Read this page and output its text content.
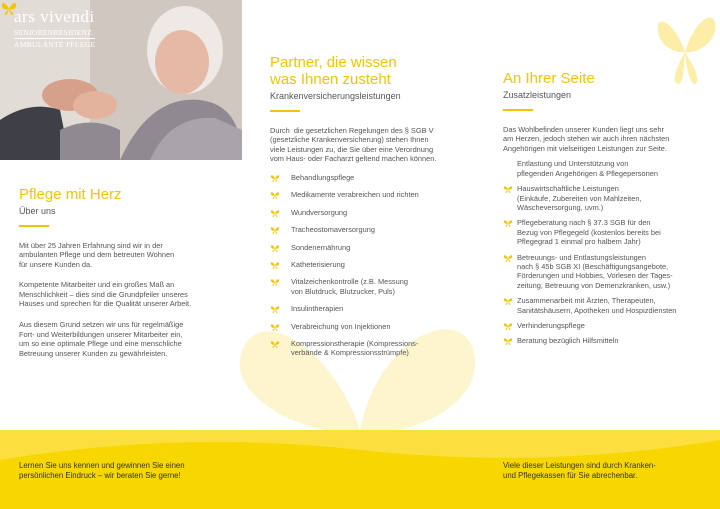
ars vivendi
SENIORENRESIDENZ
AMBULANTE PFLEGE
Pflege mit Herz
Über uns
Mit über 25 Jahren Erfahrung sind wir in der
ambulanten Pflege und dem betreuten Wohnen
für unsere Kunden da.
Kompetente Mitarbeiter und ein großes Maß an
Menschlichkeit – dies sind die Grundpfeiler unseres
Hauses und sprechen für die Qualität unserer Arbeit.
Aus diesem Grund setzen wir uns für regelmäßige
Fort- und Weiterbildungen unserer Mitarbeiter ein,
um so eine optimale Pflege und eine menschliche
Betreuung unserer Kunden zu gewährleisten.
Partner, die wissen
was Ihnen zusteht
Krankenversicherungsleistungen
Durch  die gesetzlichen Regelungen des § SGB V
(gesetzliche Krankenversicherung) stehen Ihnen
viele Leistungen zu, die Sie über eine Verordnung
vom Haus- oder Facharzt geltend machen können.
Behandlungspflege
Medikamente verabreichen und richten
Wundversorgung
Tracheostomaversorgung
Sondenernährung
Katheterisierung
Vitalzeichenkontrolle (z.B. Messung
von Blutdruck, Blutzucker, Puls)
Insulintherapien
Verabreichung von Injektionen
Kompressionstherapie (Kompressions-
verbände & Kompressionsstrümpfe)
An Ihrer Seite
Zusatzleistungen
Das Wohlbefinden unserer Kunden liegt uns sehr
am Herzen, jedoch stehen wir auch ihren nächsten
Angehörigen mit vielseitigen Leistungen zur Seite.
Entlastung und Unterstützung von
pflegenden Angehörigen & Pflegepersonen
Hauswirtschaftliche Leistungen
(Einkäufe, Zubereiten von Mahlzeiten,
Wäscheversorgung, uvm.)
Pflegeberatung nach § 37.3 SGB für den
Bezug von Pflegegeld (kostenlos bereits bei
Pflegegrad 1 einmal pro halbem Jahr)
Betreuungs- und Entlastungsleistungen
nach § 45b SGB XI (Beschäftigungsangebote,
Förderungen und Hobbies, Vorlesen der Tages-
zeitung, Betreuung von Demenzkranken, usw.)
Zusammenarbeit mit Ärzten, Therapeuten,
Sanitätshäusern, Apotheken und Hospizdiensten
Verhinderungspflege
Beratung bezüglich Hilfsmitteln
Lernen Sie uns kennen und gewinnen Sie einen
persönlichen Eindruck – wir beraten Sie gerne!
Viele dieser Leistungen sind durch Kranken-
und Pflegekassen für Sie abrechenbar.
